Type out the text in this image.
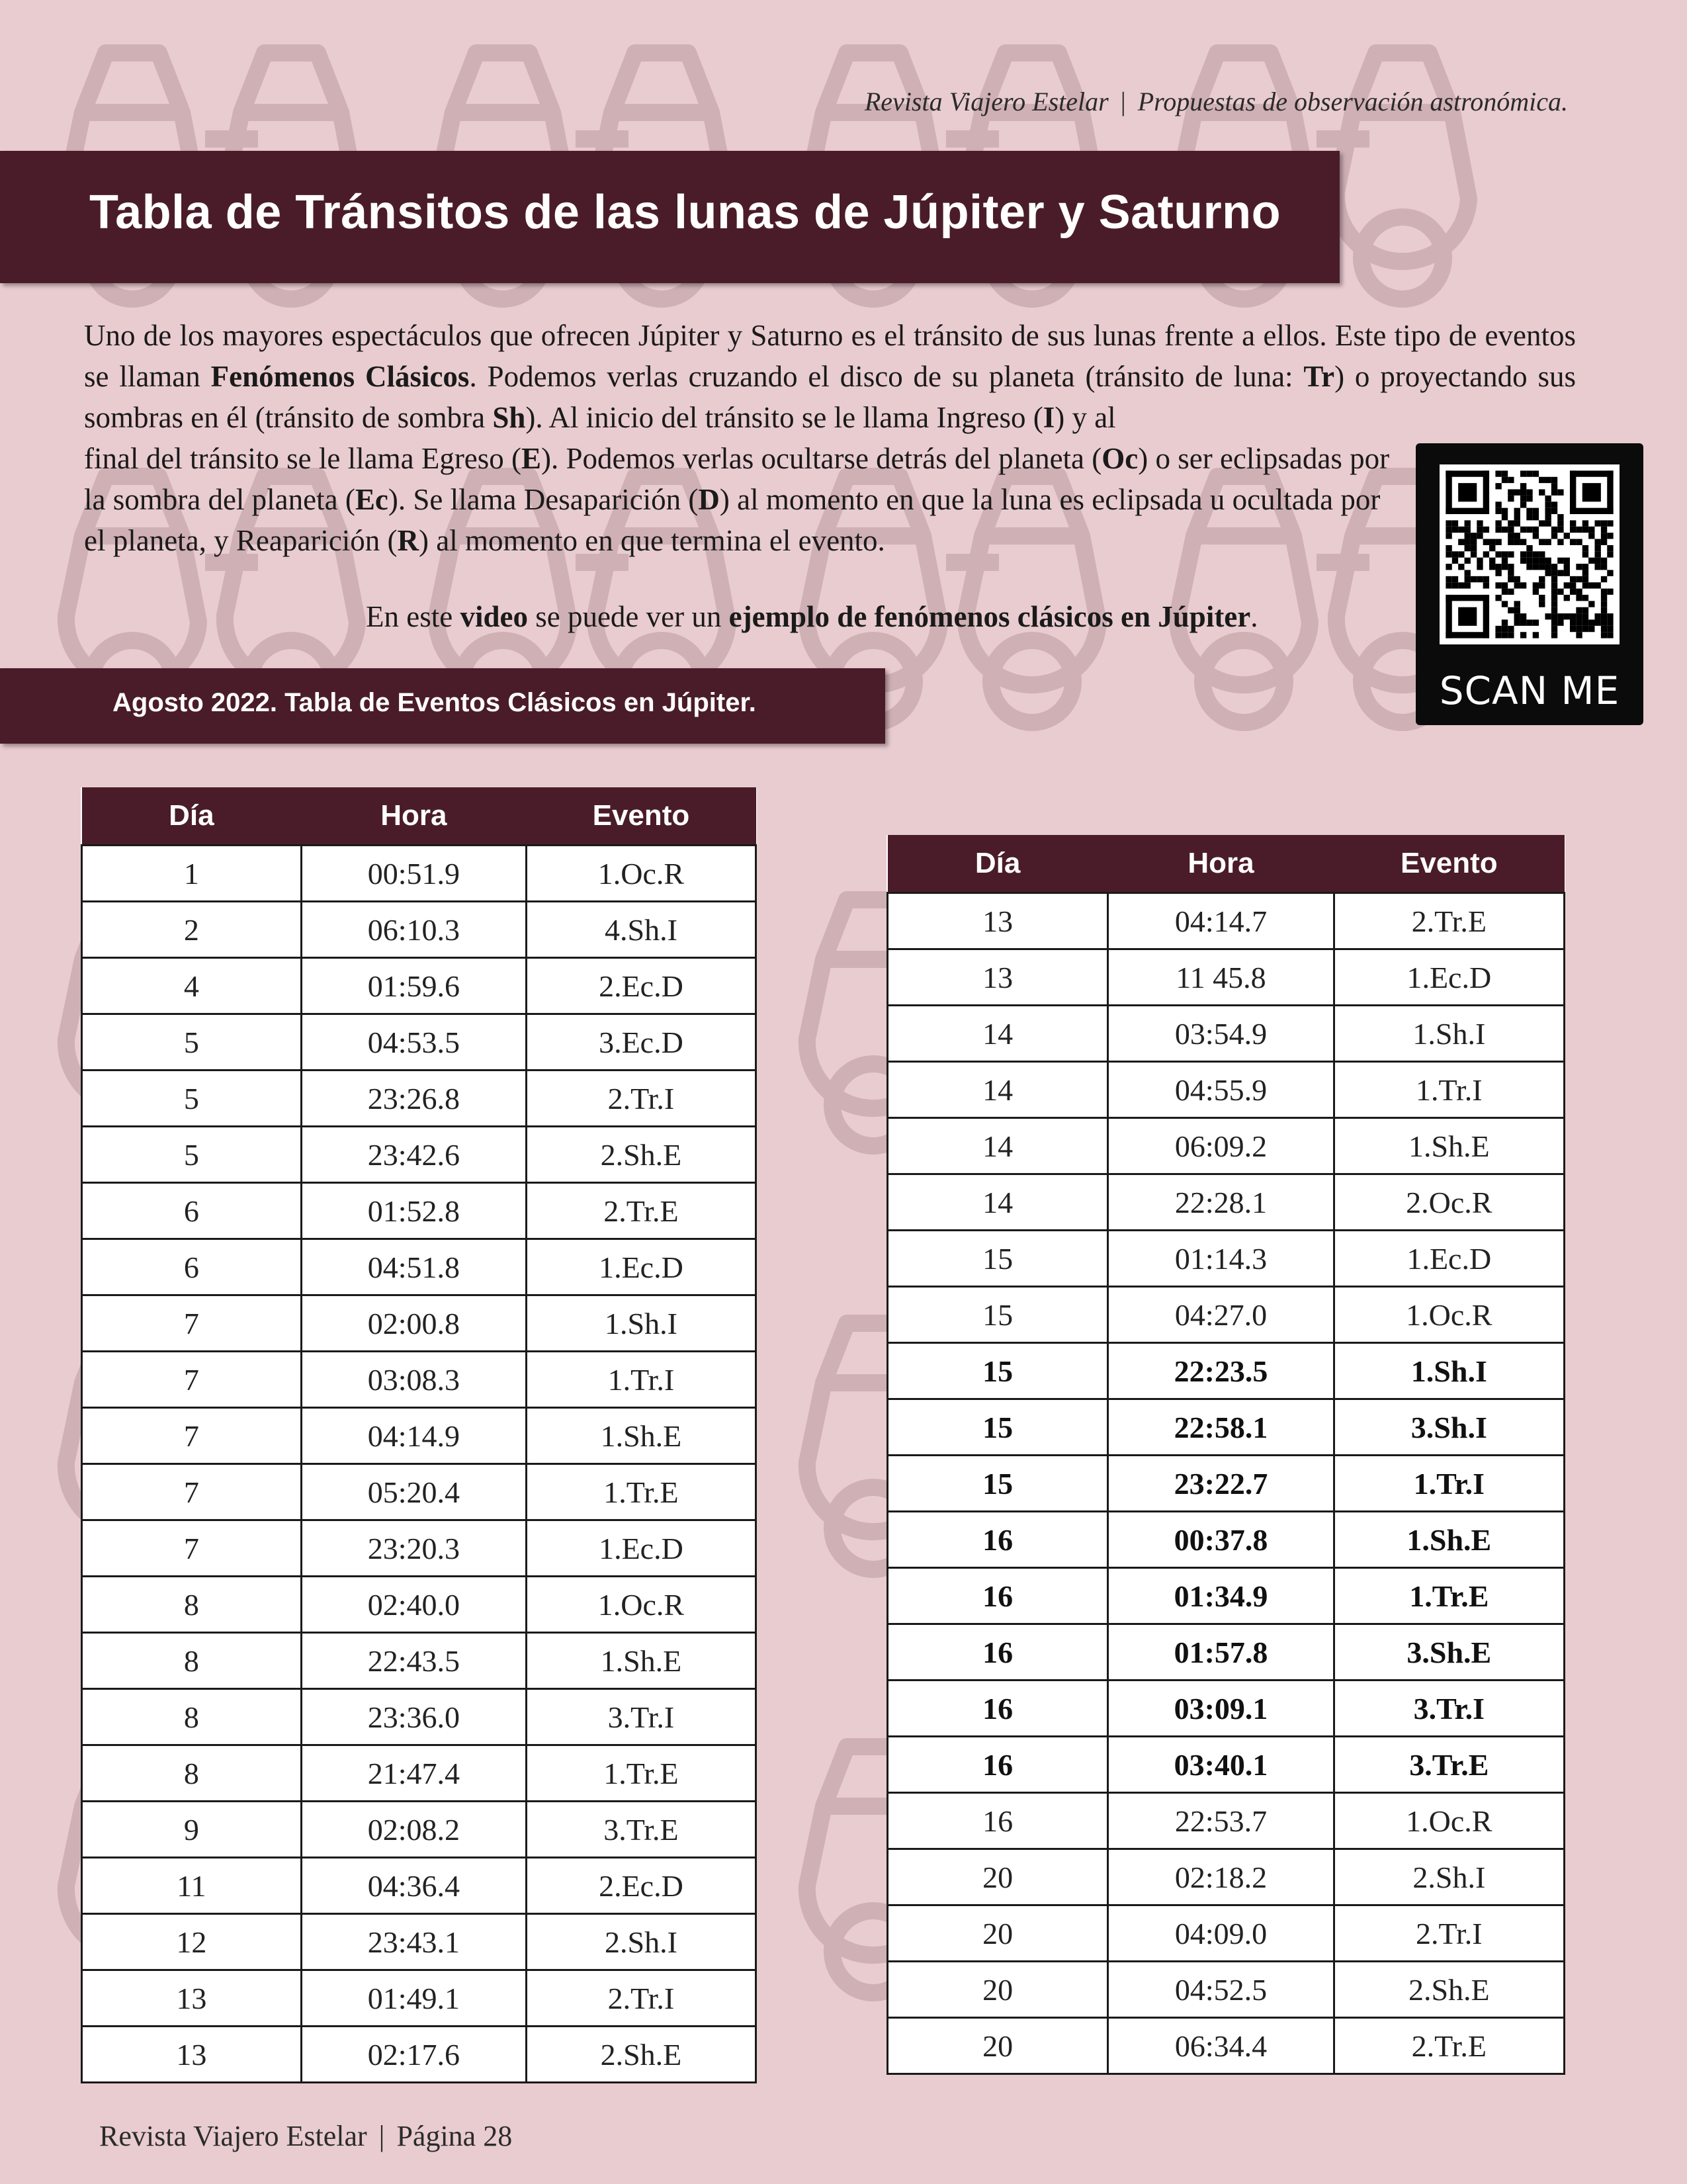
Revista Viajero Estelar | Propuestas de observación astronómica.
Tabla de Tránsitos de las lunas de Júpiter y Saturno

Uno de los mayores espectáculos que ofrecen Júpiter y Saturno es el tránsito de sus lunas frente a ellos. Este tipo de eventos se llaman Fenómenos Clásicos. Podemos verlas cruzando el disco de su planeta (tránsito de luna: Tr) o proyectando sus sombras en él (tránsito de sombra Sh). Al inicio del tránsito se le llama Ingreso (I) y al

final del tránsito se le llama Egreso (E). Podemos verlas ocultarse detrás del planeta (Oc) o ser eclipsadas por la sombra del planeta (Ec). Se llama Desaparición (D) al momento en que la luna es eclipsada u ocultada por el planeta, y Reaparición (R) al momento en que termina el evento.

En este video se puede ver un ejemplo de fenómenos clásicos en Júpiter.
SCAN ME
Agosto 2022. Tabla de Eventos Clásicos en Júpiter.
Día	Hora	Evento
1	00:51.9	1.Oc.R
2	06:10.3	4.Sh.I
4	01:59.6	2.Ec.D
5	04:53.5	3.Ec.D
5	23:26.8	2.Tr.I
5	23:42.6	2.Sh.E
6	01:52.8	2.Tr.E
6	04:51.8	1.Ec.D
7	02:00.8	1.Sh.I
7	03:08.3	1.Tr.I
7	04:14.9	1.Sh.E
7	05:20.4	1.Tr.E
7	23:20.3	1.Ec.D
8	02:40.0	1.Oc.R
8	22:43.5	1.Sh.E
8	23:36.0	3.Tr.I
8	21:47.4	1.Tr.E
9	02:08.2	3.Tr.E
11	04:36.4	2.Ec.D
12	23:43.1	2.Sh.I
13	01:49.1	2.Tr.I
13	02:17.6	2.Sh.E
Día	Hora	Evento
13	04:14.7	2.Tr.E
13	11 45.8	1.Ec.D
14	03:54.9	1.Sh.I
14	04:55.9	1.Tr.I
14	06:09.2	1.Sh.E
14	22:28.1	2.Oc.R
15	01:14.3	1.Ec.D
15	04:27.0	1.Oc.R
15	22:23.5	1.Sh.I
15	22:58.1	3.Sh.I
15	23:22.7	1.Tr.I
16	00:37.8	1.Sh.E
16	01:34.9	1.Tr.E
16	01:57.8	3.Sh.E
16	03:09.1	3.Tr.I
16	03:40.1	3.Tr.E
16	22:53.7	1.Oc.R
20	02:18.2	2.Sh.I
20	04:09.0	2.Tr.I
20	04:52.5	2.Sh.E
20	06:34.4	2.Tr.E
Revista Viajero Estelar | Página 28
